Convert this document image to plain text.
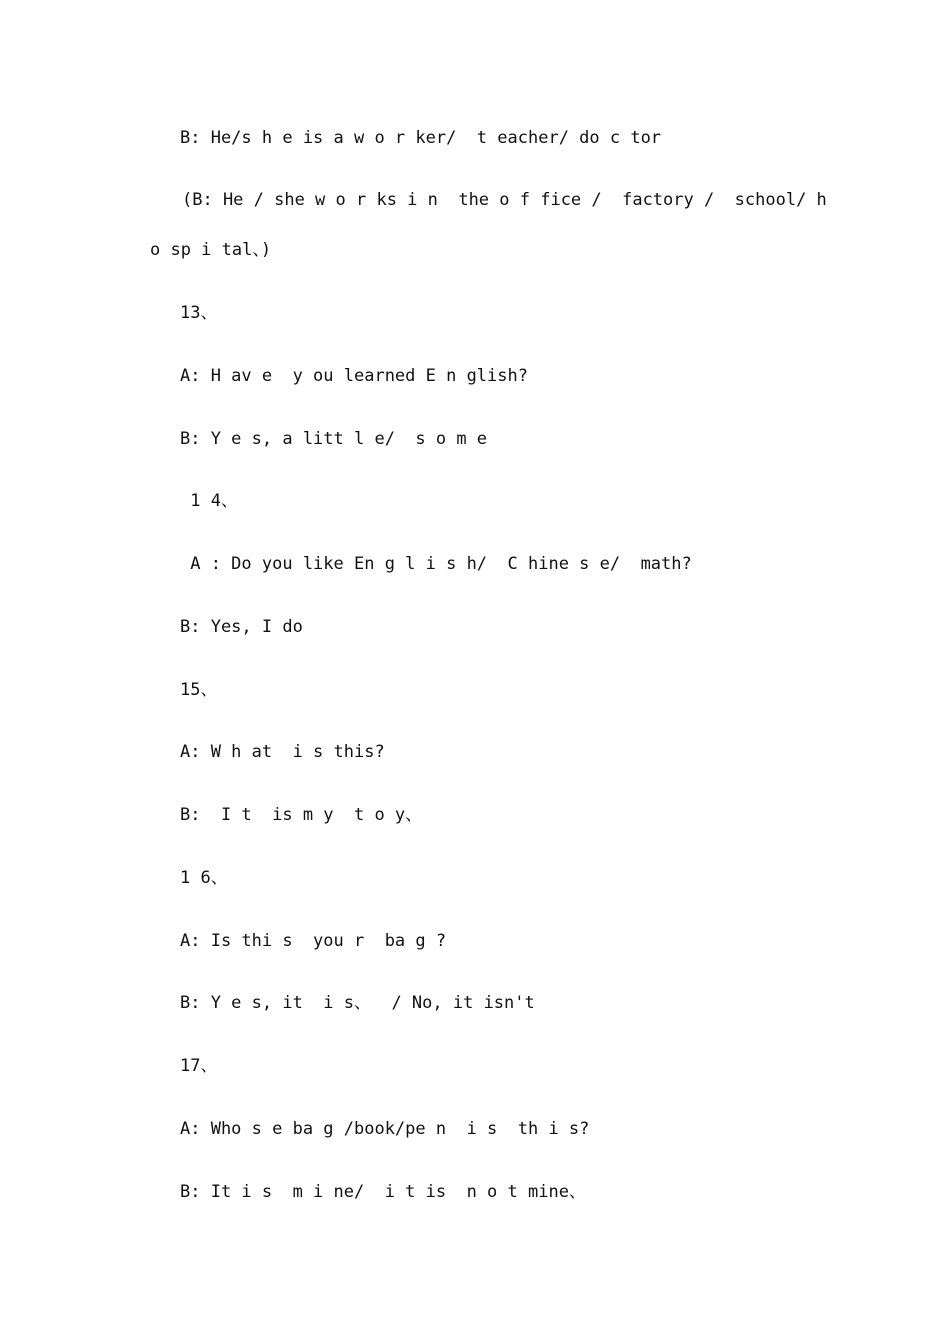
B: He/s h e is a w o r ker/  t eacher/ do c tor
(B: He / she w o r ks i n  the o f fice /  factory /  school/ h o sp i tal、)
13、
A: H av e  y ou learned E n glish?
B: Y e s, a litt l e/  s o m e
1 4、
A : Do you like En g l i s h/  C hine s e/  math?
B: Yes, I do
15、
A: W h at  i s this?
B:  I t  is m y  t o y、
1 6、
A: Is thi s  you r  ba g ?
B: Y e s, it  i s、  / No, it isn't
17、
A: Who s e ba g /book/pe n  i s  th i s?
B: It i s  m i ne/  i t is  n o t mine、
